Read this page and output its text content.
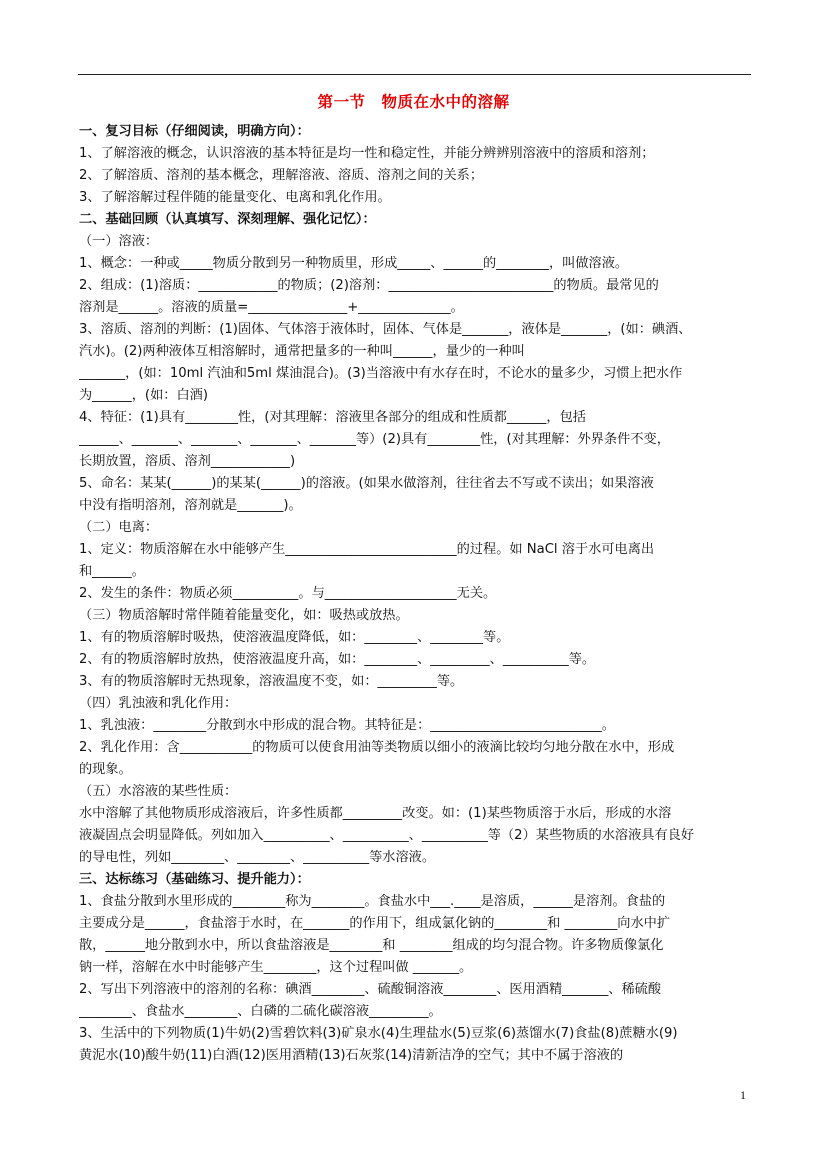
第一节　物质在水中的溶解
一、复习目标（仔细阅读，明确方向）：
1、了解溶液的概念，认识溶液的基本特征是均一性和稳定性，并能分辨辨别溶液中的溶质和溶剂；
2、了解溶质、溶剂的基本概念，理解溶液、溶质、溶剂之间的关系；
3、了解溶解过程伴随的能量变化、电离和乳化作用。
二、基础回顾（认真填写、深刻理解、强化记忆）：
（一）溶液：
1、概念：一种或_____物质分散到另一种物质里，形成_____、______的________，叫做溶液。
2、组成：(1)溶质：____________的物质；(2)溶剂：_________________________的物质。最常见的
溶剂是______。溶液的质量=_______________+______________。
3、溶质、溶剂的判断：(1)固体、气体溶于液体时，固体、气体是_______，液体是_______，(如：碘酒、
汽水)。(2)两种液体互相溶解时，通常把量多的一种叫______，量少的一种叫
_______，(如：10ml 汽油和5ml 煤油混合)。(3)当溶液中有水存在时，不论水的量多少，习惯上把水作
为______，(如：白酒)
4、特征：(1)具有________性，(对其理解：溶液里各部分的组成和性质都______，包括
______、_______、_______、_______、_______等）(2)具有________性，(对其理解：外界条件不变，
长期放置，溶质、溶剂____________)
5、命名：某某(______)的某某(______)的溶液。(如果水做溶剂，往往省去不写或不读出；如果溶液
中没有指明溶剂，溶剂就是_______)。
（二）电离：
1、定义：物质溶解在水中能够产生__________________________的过程。如 NaCl 溶于水可电离出
和______。
2、发生的条件：物质必须__________。与____________________无关。
（三）物质溶解时常伴随着能量变化，如：吸热或放热。
1、有的物质溶解时吸热，使溶液温度降低，如：________、________等。
2、有的物质溶解时放热，使溶液温度升高，如：________、_________、__________等。
3、有的物质溶解时无热现象，溶液温度不变，如：_________等。
（四）乳浊液和乳化作用：
1、乳浊液：________分散到水中形成的混合物。其特征是：__________________________。
2、乳化作用：含___________的物质可以使食用油等类物质以细小的液滴比较均匀地分散在水中，形成
的现象。
（五）水溶液的某些性质：
水中溶解了其他物质形成溶液后，许多性质都_________改变。如：(1)某些物质溶于水后，形成的水溶
液凝固点会明显降低。列如加入__________、__________、__________等（2）某些物质的水溶液具有良好
的导电性，列如________、________、__________等水溶液。
三、达标练习（基础练习、提升能力）：
1、食盐分散到水里形成的________称为________。食盐水中___.____是溶质，______是溶剂。食盐的
主要成分是______，食盐溶于水时，在_______的作用下，组成氯化钠的________和 ________向水中扩
散，______地分散到水中，所以食盐溶液是________和 ________组成的均匀混合物。许多物质像氯化
钠一样，溶解在水中时能够产生________，这个过程叫做 _______。
2、写出下列溶液中的溶剂的名称：碘酒________、硫酸铜溶液________、医用酒精_______、稀硫酸
________、食盐水________、白磷的二硫化碳溶液_________。
3、生活中的下列物质(1)牛奶(2)雪碧饮料(3)矿泉水(4)生理盐水(5)豆浆(6)蒸馏水(7)食盐(8)蔗糖水(9)
黄泥水(10)酸牛奶(11)白酒(12)医用酒精(13)石灰浆(14)清新洁净的空气；其中不属于溶液的
1
